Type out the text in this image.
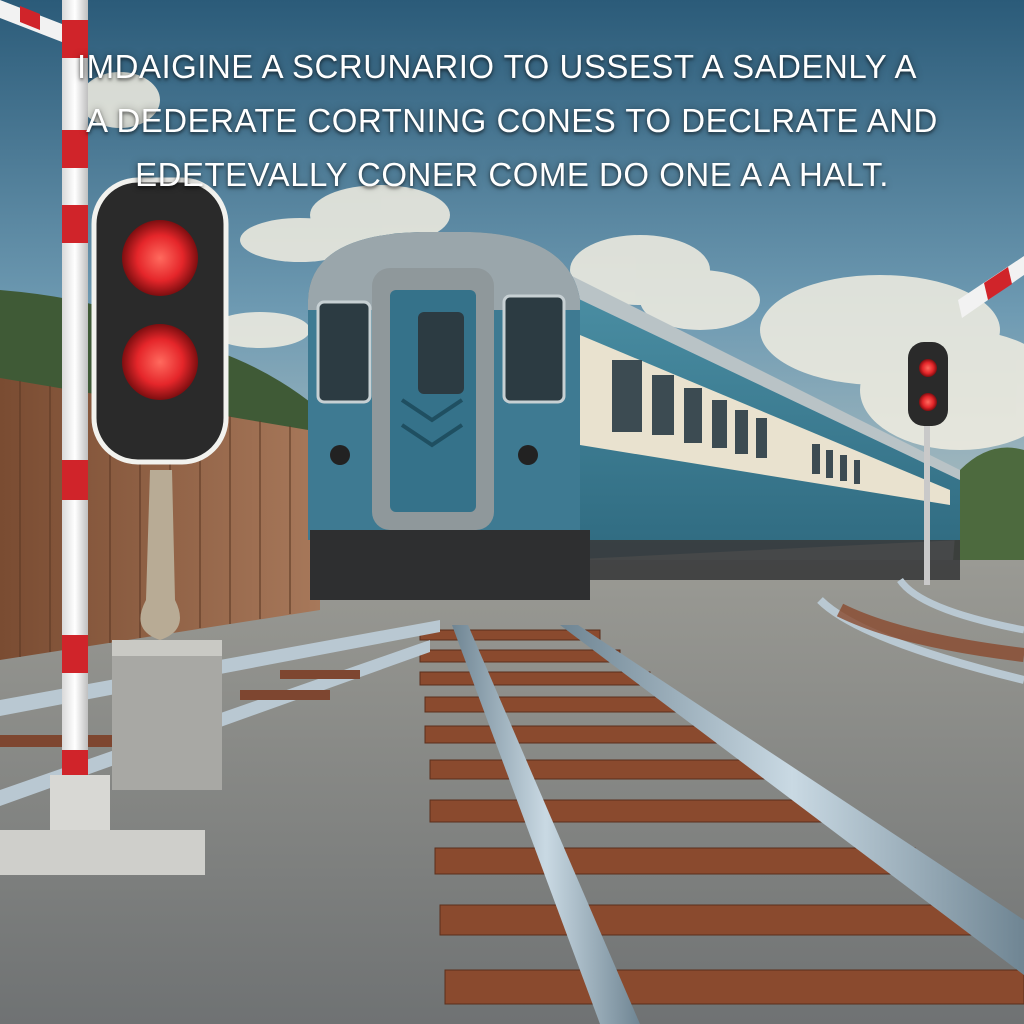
IMDAIGINE A SCRUNARIO TO USSEST A SADENLY A
A DEDERATE CORTNING CONES TO DECLRATE AND
EDETEVALLY CONER COME DO ONE A A HALT.
